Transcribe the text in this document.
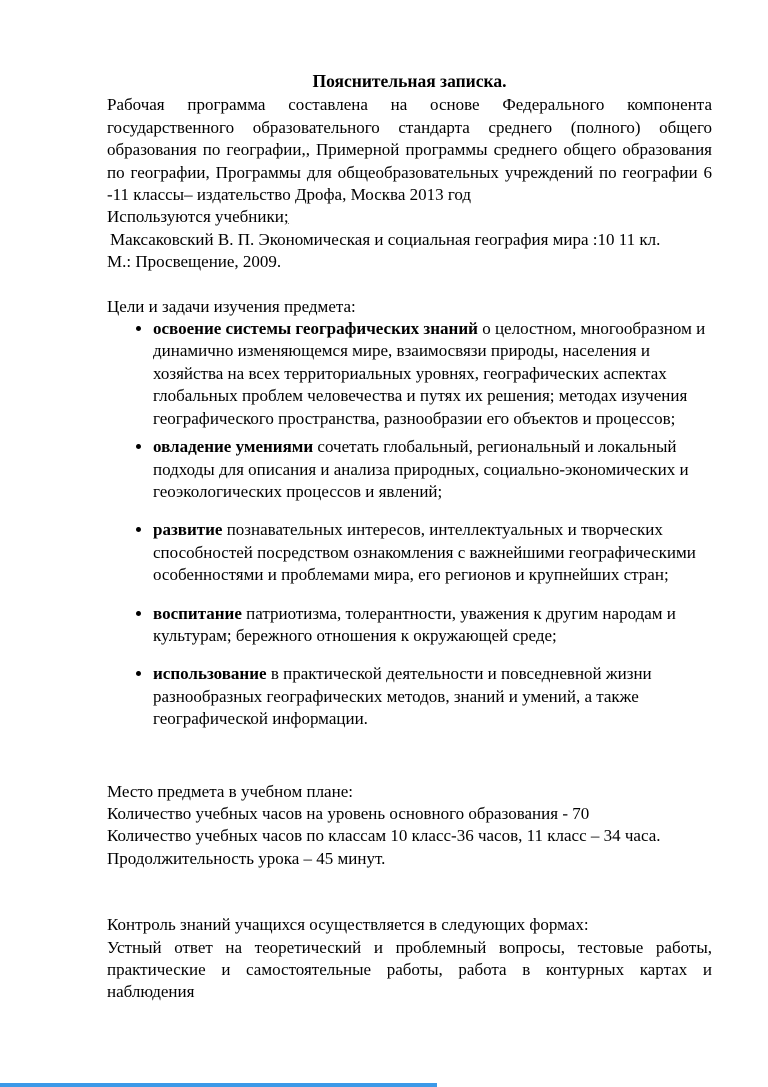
Пояснительная записка.

Рабочая программа составлена на основе Федерального компонента государственного образовательного стандарта среднего (полного) общего образования по географии,, Примерной программы среднего общего образования по географии, Программы для общеобразовательных учреждений по географии 6 -11 классы– издательство Дрофа, Москва 2013 год

Используются учебники;
Максаковский В. П. Экономическая и социальная география мира :10 11 кл.
М.: Просвещение, 2009.
Цели и задачи изучения предмета:
• освоение системы географических знаний о целостном, многообразном и динамично изменяющемся мире, взаимосвязи природы, населения и хозяйства на всех территориальных уровнях, географических аспектах глобальных проблем человечества и путях их решения; методах изучения географического пространства, разнообразии его объектов и процессов;
• овладение умениями сочетать глобальный, региональный и локальный подходы для описания и анализа природных, социально-экономических и геоэкологических процессов и явлений;
• развитие познавательных интересов, интеллектуальных и творческих способностей посредством ознакомления с важнейшими географическими особенностями и проблемами мира, его регионов и крупнейших стран;
• воспитание патриотизма, толерантности, уважения к другим народам и культурам; бережного отношения к окружающей среде;
• использование в практической деятельности и повседневной жизни разнообразных географических методов, знаний и умений, а также географической информации.
Место предмета в учебном плане:
Количество учебных часов на уровень основного образования - 70
Количество учебных часов по классам 10 класс-36 часов, 11 класс – 34 часа.
Продолжительность урока – 45 минут.
Контроль знаний учащихся осуществляется в следующих формах:

Устный ответ на теоретический и проблемный вопросы, тестовые работы, практические и самостоятельные работы, работа в контурных картах и наблюдения
